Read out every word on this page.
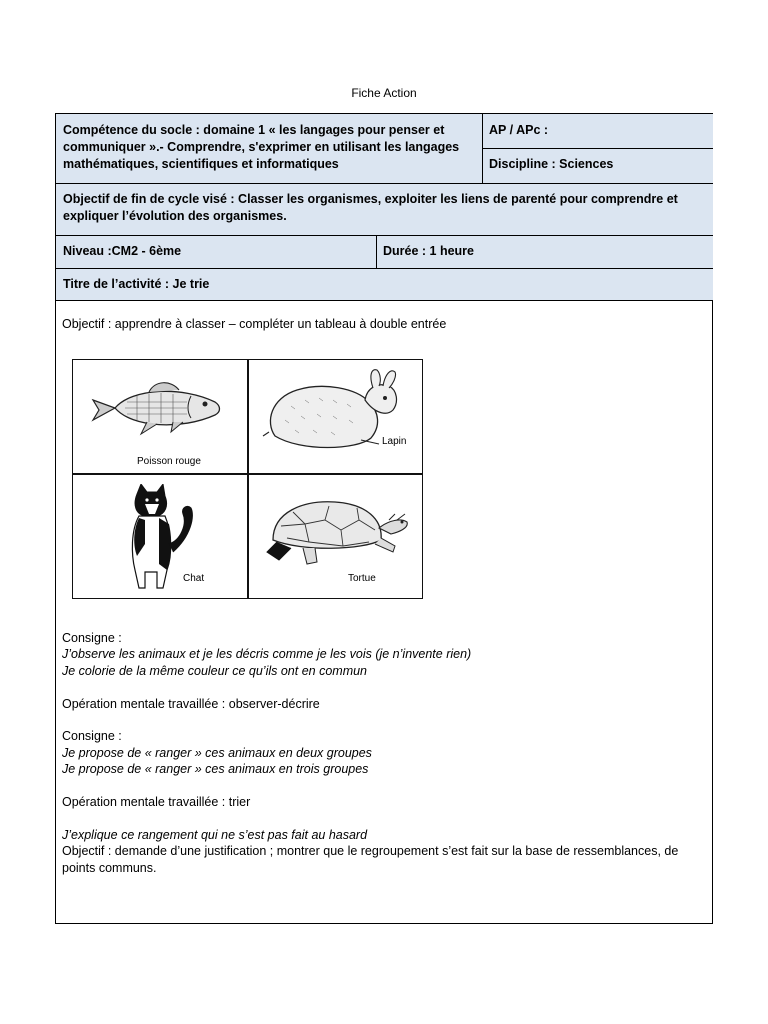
Fiche Action
Compétence du socle : domaine 1 « les langages pour penser et communiquer ».- Comprendre, s'exprimer en utilisant les langages mathématiques, scientifiques et informatiques
AP / APc :
Discipline : Sciences
Objectif de fin de cycle visé : Classer les organismes, exploiter les liens de parenté pour comprendre et expliquer l’évolution des organismes.
Niveau :CM2 - 6ème	Durée : 1 heure
Titre de l’activité : Je trie

Objectif : apprendre à classer – compléter un tableau à double entrée

Poisson rouge
Lapin
Chat	Tortue

Consigne :

J’observe les animaux et je les décris comme je les vois (je n’invente rien)

Je colorie de la même couleur ce qu’ils ont en commun

Opération mentale travaillée : observer-décrire

Consigne :

Je propose de « ranger » ces animaux en deux groupes

Je propose de « ranger » ces animaux en trois groupes

Opération mentale travaillée : trier

J’explique ce rangement qui ne s’est pas fait au hasard

Objectif : demande d’une justification ; montrer que le regroupement s’est fait sur la base de ressemblances, de points communs.
